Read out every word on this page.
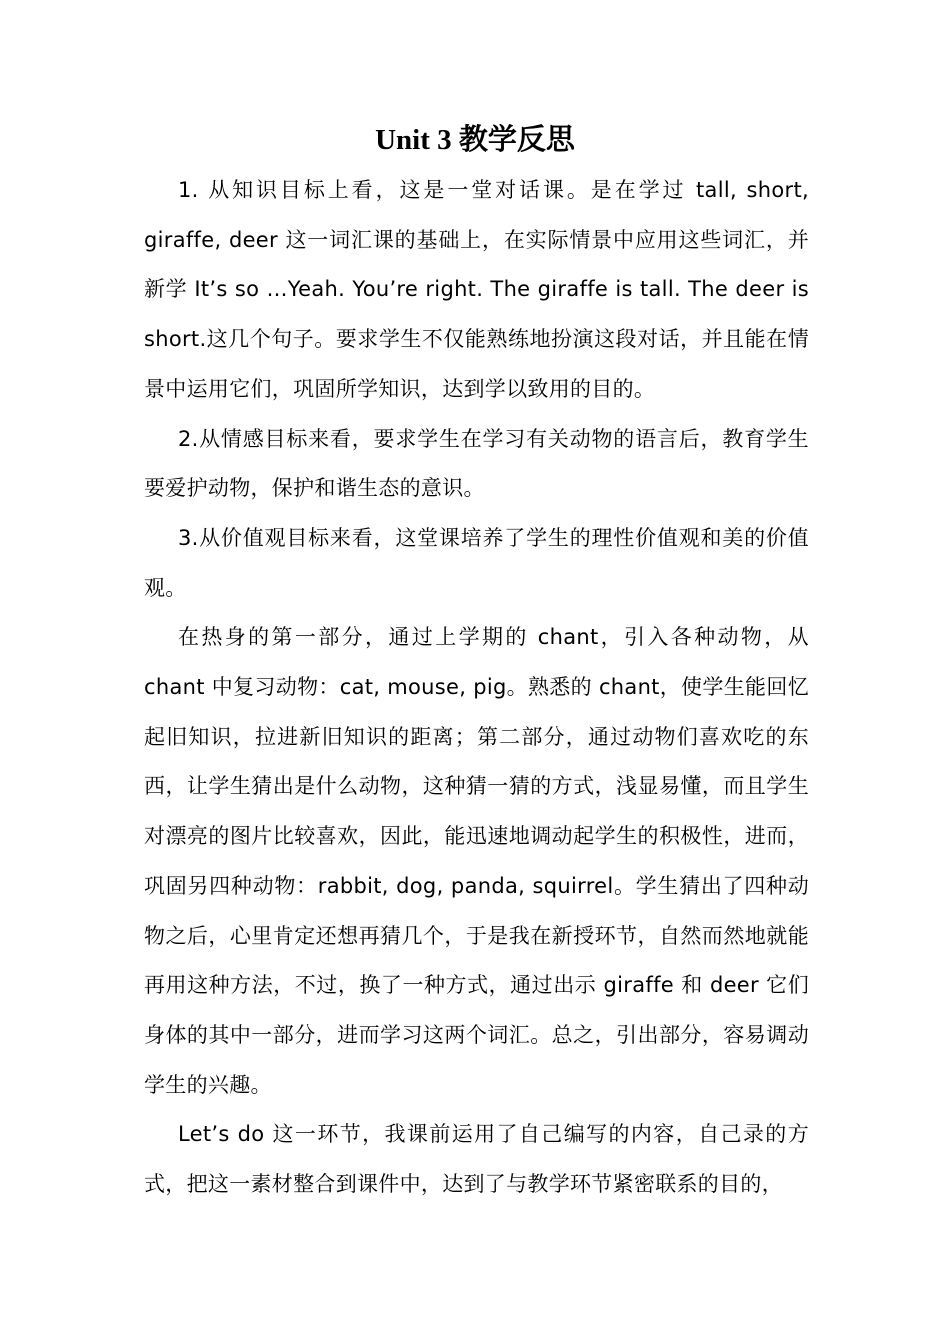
Unit 3 教学反思

1. 从知识目标上看，这是一堂对话课。是在学过 tall, short, giraffe, deer 这一词汇课的基础上，在实际情景中应用这些词汇，并新学 It’s so …Yeah. You’re right. The giraffe is tall. The deer is short.这几个句子。要求学生不仅能熟练地扮演这段对话，并且能在情景中运用它们，巩固所学知识，达到学以致用的目的。

2.从情感目标来看，要求学生在学习有关动物的语言后，教育学生要爱护动物，保护和谐生态的意识。

3.从价值观目标来看，这堂课培养了学生的理性价值观和美的价值观。

在热身的第一部分，通过上学期的 chant，引入各种动物，从 chant 中复习动物：cat, mouse, pig。熟悉的 chant，使学生能回忆起旧知识，拉进新旧知识的距离；第二部分，通过动物们喜欢吃的东西，让学生猜出是什么动物，这种猜一猜的方式，浅显易懂，而且学生对漂亮的图片比较喜欢，因此，能迅速地调动起学生的积极性，进而，巩固另四种动物：rabbit, dog, panda, squirrel。学生猜出了四种动物之后，心里肯定还想再猜几个，于是我在新授环节，自然而然地就能再用这种方法，不过，换了一种方式，通过出示 giraffe 和 deer 它们身体的其中一部分，进而学习这两个词汇。总之，引出部分，容易调动学生的兴趣。

Let’s do 这一环节，我课前运用了自己编写的内容，自己录的方式，把这一素材整合到课件中，达到了与教学环节紧密联系的目的，
